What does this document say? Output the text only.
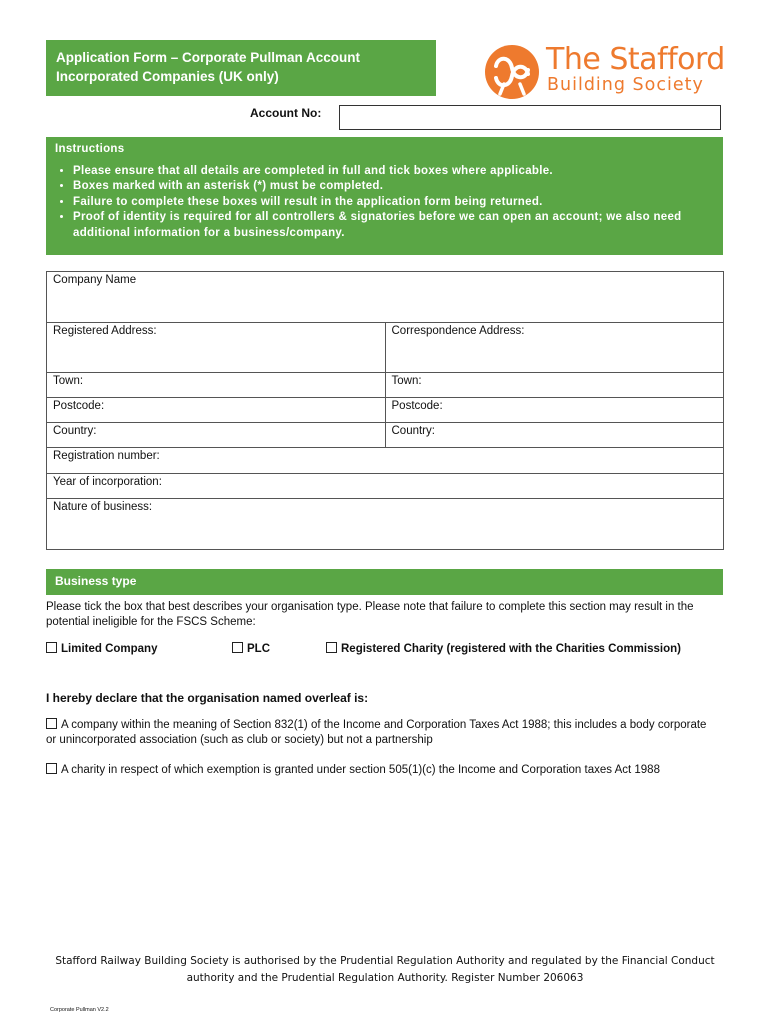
Application Form – Corporate Pullman Account
Incorporated Companies (UK only)	The Stafford
Building Society
Account No:
Instructions
• Please ensure that all details are completed in full and tick boxes where applicable.
• Boxes marked with an asterisk (*) must be completed.
• Failure to complete these boxes will result in the application form being returned.
• Proof of identity is required for all controllers & signatories before we can open an account; we also need additional information for a business/company.
Company Name	
Registered Address:	Correspondence Address:
Town:	Town:
Postcode:	Postcode:
Country:	Country:
Registration number:	
Year of incorporation:	
Nature of business:	
Business type
Please tick the box that best describes your organisation type. Please note that failure to complete this section may result in the potential ineligible for the FSCS Scheme:
Limited Company	PLC	Registered Charity (registered with the Charities Commission)
I hereby declare that the organisation named overleaf is:
A company within the meaning of Section 832(1) of the Income and Corporation Taxes Act 1988; this includes a body corporate or unincorporated association (such as club or society) but not a partnership
A charity in respect of which exemption is granted under section 505(1)(c) the Income and Corporation taxes Act 1988
Stafford Railway Building Society is authorised by the Prudential Regulation Authority and regulated by the Financial Conduct
authority and the Prudential Regulation Authority. Register Number 206063
Corporate Pullman V2.2
